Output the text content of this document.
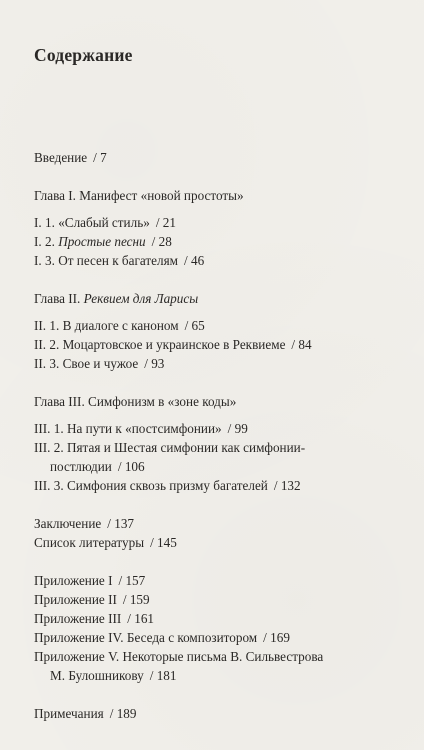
Содержание
Введение / 7
Глава I. Манифест «новой простоты»
I. 1. «Слабый стиль» / 21
I. 2. Простые песни / 28
I. 3. От песен к багателям / 46
Глава II. Реквием для Ларисы
II. 1. В диалоге с каноном / 65
II. 2. Моцартовское и украинское в Реквиеме / 84
II. 3. Свое и чужое / 93
Глава III. Симфонизм в «зоне коды»
III. 1. На пути к «постсимфонии» / 99
III. 2. Пятая и Шестая симфонии как симфонии-
постлюдии / 106
III. 3. Симфония сквозь призму багателей / 132
Заключение / 137
Список литературы / 145
Приложение I / 157
Приложение II / 159
Приложение III / 161
Приложение IV. Беседа с композитором / 169
Приложение V. Некоторые письма В. Сильвестрова
М. Булошникову / 181
Примечания / 189
